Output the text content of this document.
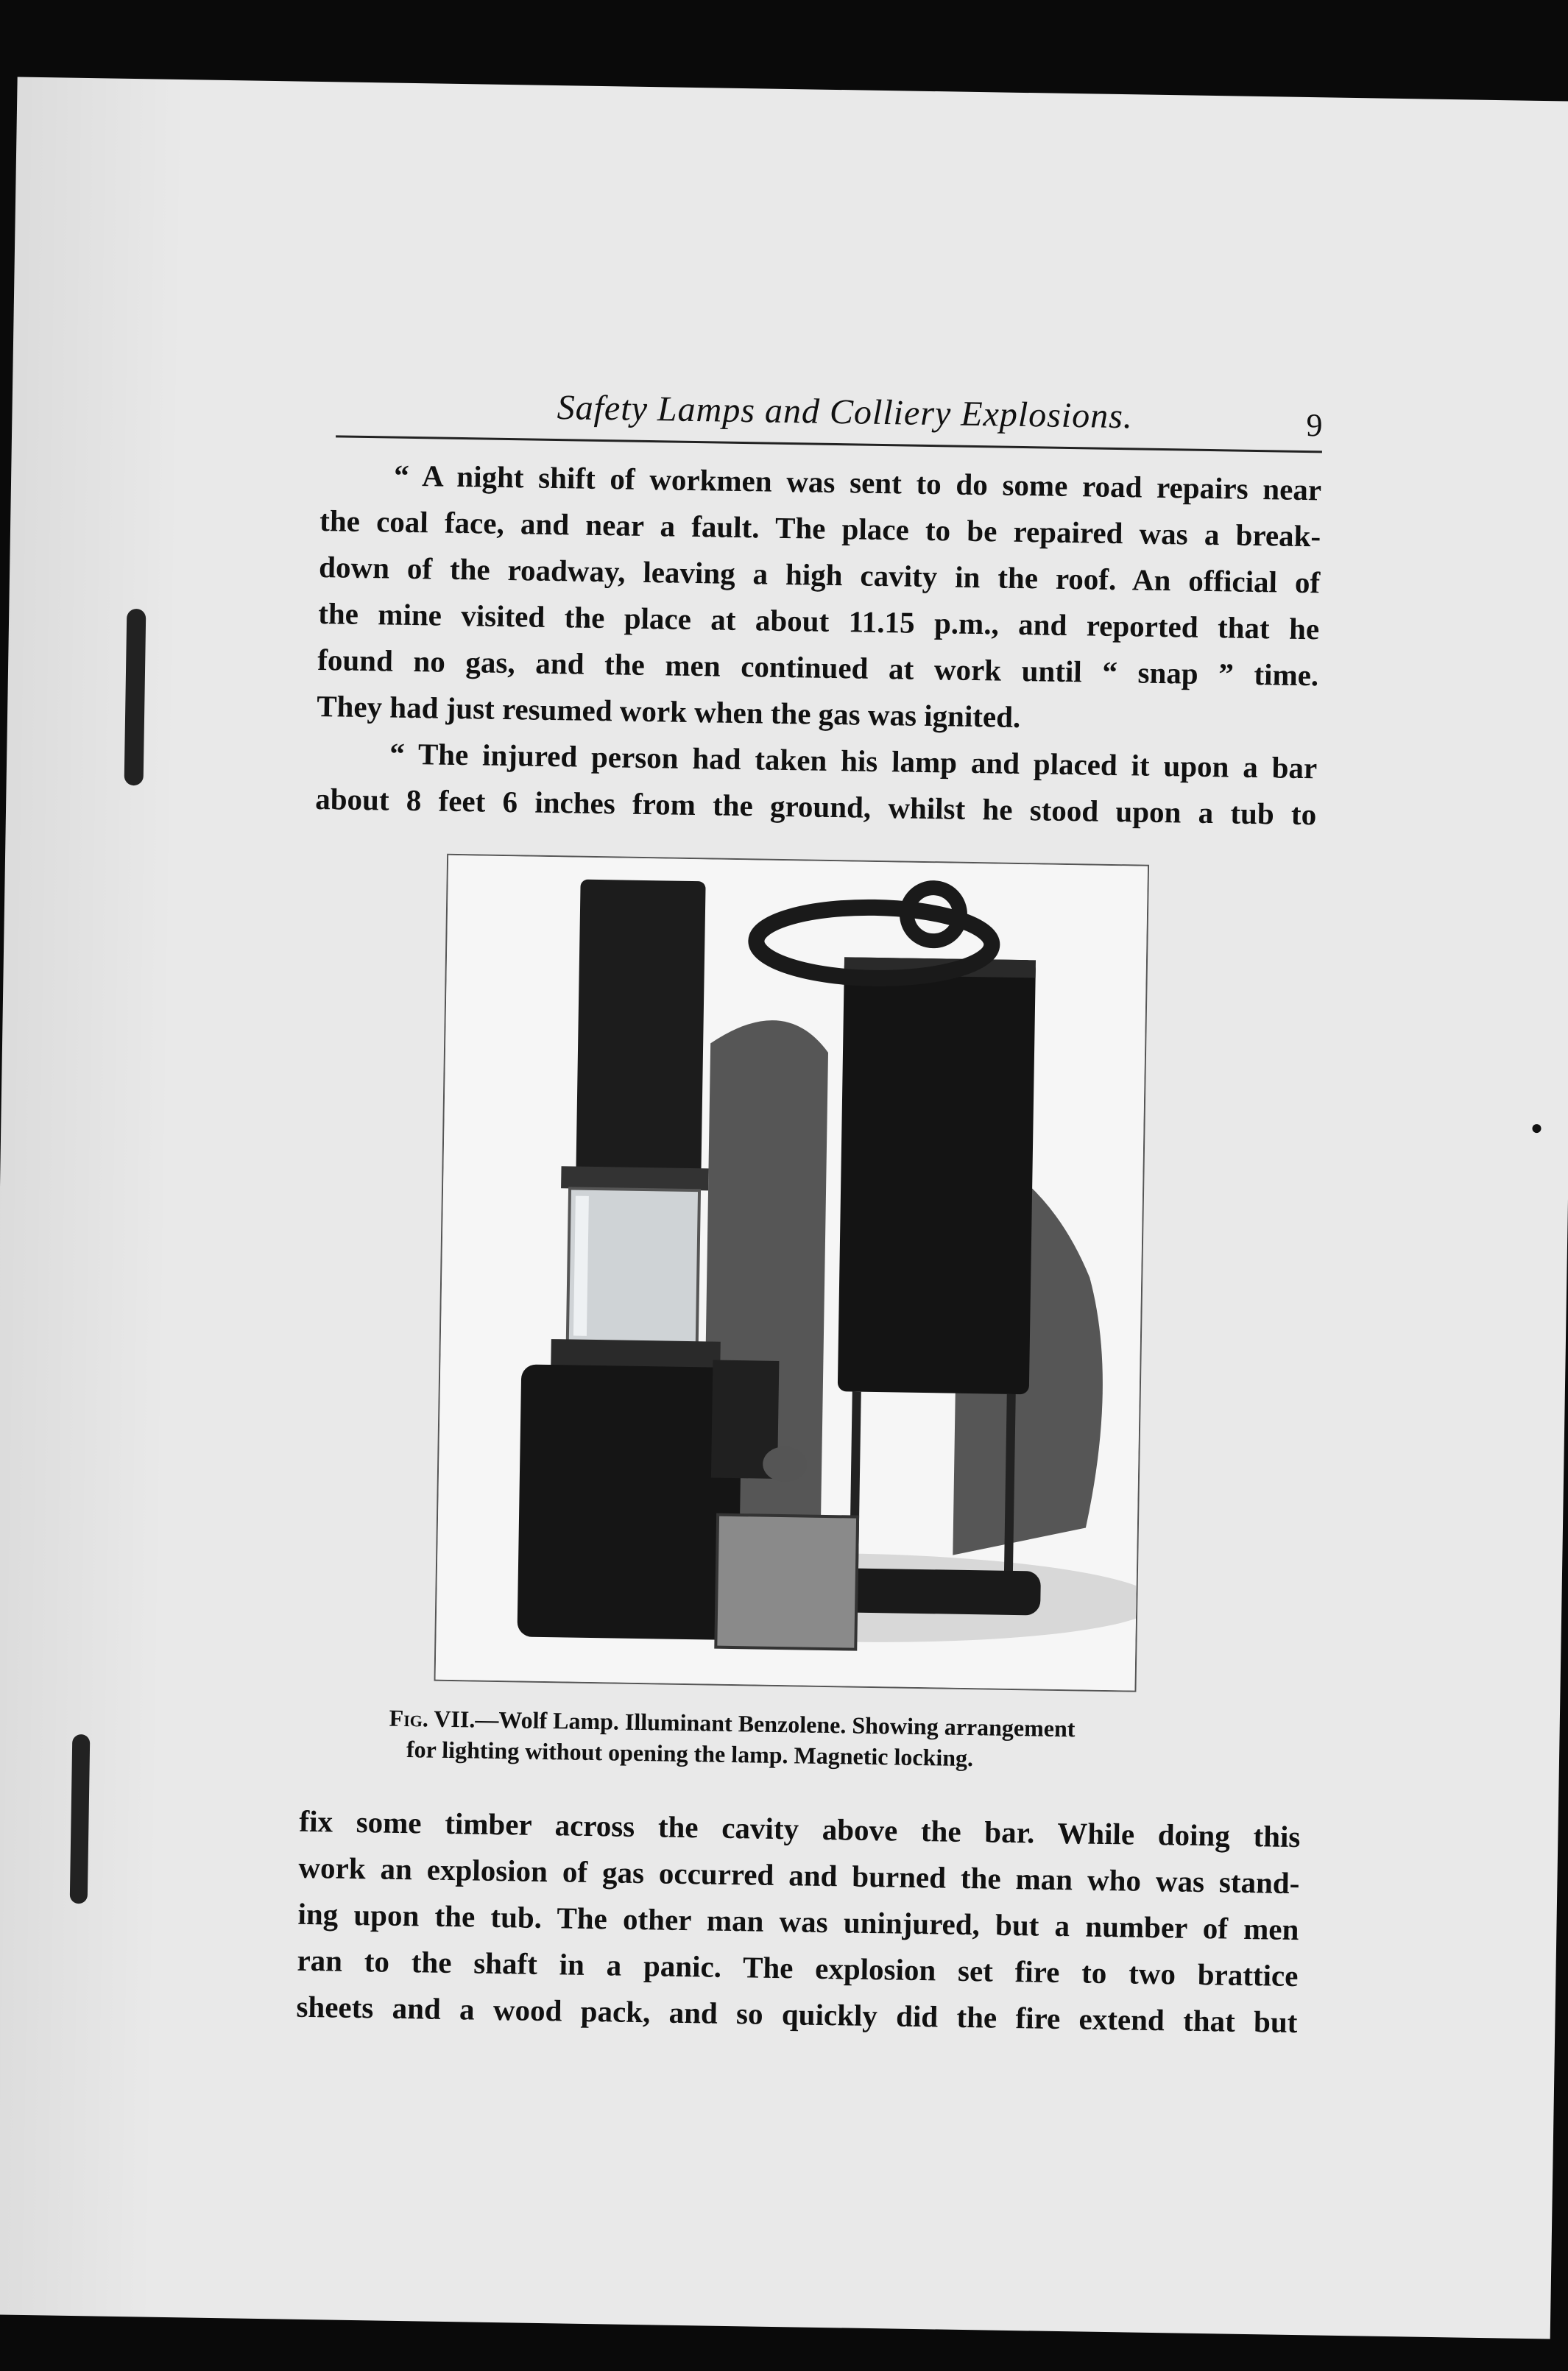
Safety Lamps and Colliery Explosions.	9

“ A night shift of workmen was sent to do some road repairs near
the coal face, and near a fault. The place to be repaired was a break-
down of the roadway, leaving a high cavity in the roof. An official of
the mine visited the place at about 11.15 p.m., and reported that he
found no gas, and the men continued at work until “ snap ” time.
They had just resumed work when the gas was ignited.

“ The injured person had taken his lamp and placed it upon a bar
about 8 feet 6 inches from the ground, whilst he stood upon a tub to

Fig. VII.—Wolf Lamp. Illuminant Benzolene. Showing arrangement
for lighting without opening the lamp. Magnetic locking.

fix some timber across the cavity above the bar. While doing this
work an explosion of gas occurred and burned the man who was stand-
ing upon the tub. The other man was uninjured, but a number of men
ran to the shaft in a panic. The explosion set fire to two brattice
sheets and a wood pack, and so quickly did the fire extend that but
